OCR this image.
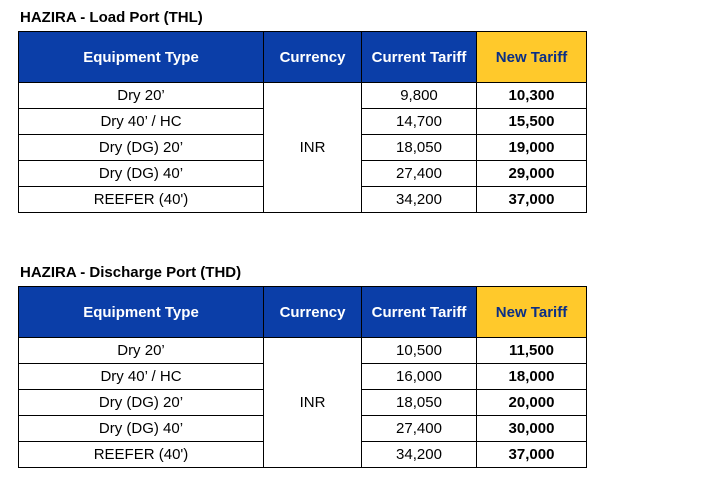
HAZIRA - Load Port (THL)
Equipment Type	Currency	Current Tariff	New Tariff
Dry 20’	INR	9,800	10,300
Dry 40’ / HC		14,700	15,500
Dry (DG) 20’		18,050	19,000
Dry (DG) 40’		27,400	29,000
REEFER (40')		34,200	37,000
HAZIRA - Discharge Port (THD)
Equipment Type	Currency	Current Tariff	New Tariff
Dry 20’	INR	10,500	11,500
Dry 40’ / HC		16,000	18,000
Dry (DG) 20’		18,050	20,000
Dry (DG) 40’		27,400	30,000
REEFER (40')		34,200	37,000
